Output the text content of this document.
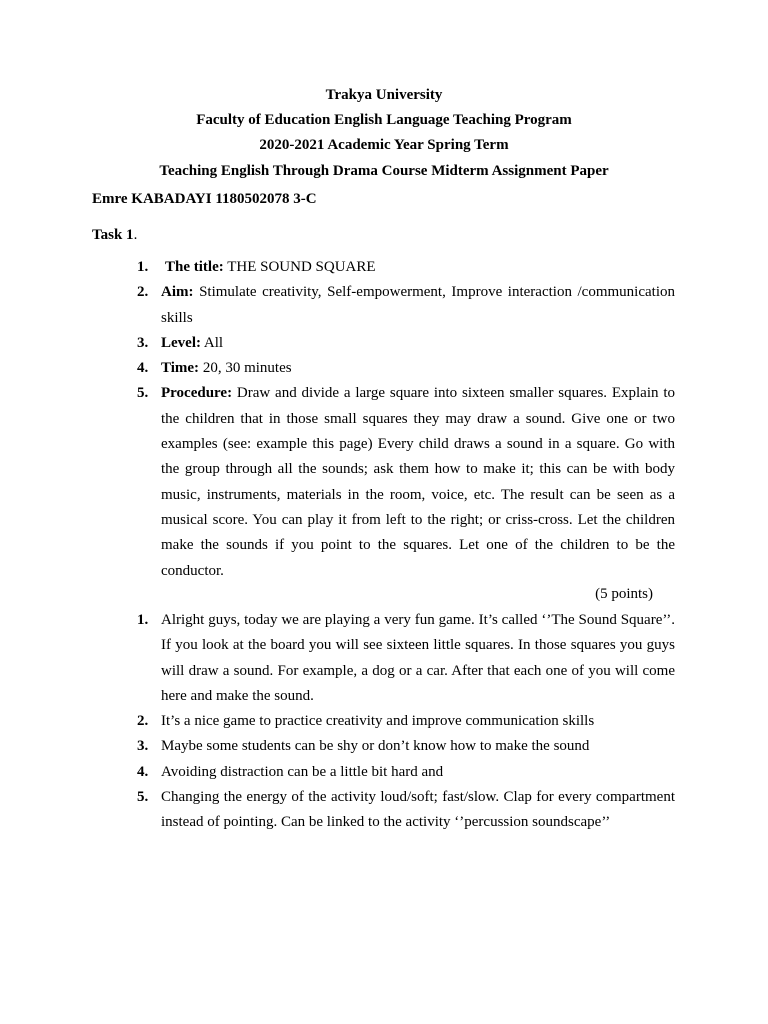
Trakya University
Faculty of Education English Language Teaching Program
2020-2021 Academic Year Spring Term
Teaching English Through Drama Course Midterm Assignment Paper
Emre KABADAYI 1180502078 3-C
Task 1.
1. The title: THE SOUND SQUARE
2. Aim: Stimulate creativity, Self-empowerment, Improve interaction /communication skills
3. Level: All
4. Time: 20, 30 minutes
5. Procedure: Draw and divide a large square into sixteen smaller squares. Explain to the children that in those small squares they may draw a sound. Give one or two examples (see: example this page) Every child draws a sound in a square. Go with the group through all the sounds; ask them how to make it; this can be with body music, instruments, materials in the room, voice, etc. The result can be seen as a musical score. You can play it from left to the right; or criss-cross. Let the children make the sounds if you point to the squares. Let one of the children to be the conductor.
(5 points)
1. Alright guys, today we are playing a very fun game. It’s called ‘’The Sound Square’’. If you look at the board you will see sixteen little squares. In those squares you guys will draw a sound. For example, a dog or a car. After that each one of you will come here and make the sound.
2. It’s a nice game to practice creativity and improve communication skills
3. Maybe some students can be shy or don’t know how to make the sound
4. Avoiding distraction can be a little bit hard and
5. Changing the energy of the activity loud/soft; fast/slow. Clap for every compartment instead of pointing. Can be linked to the activity ‘’percussion soundscape’’
